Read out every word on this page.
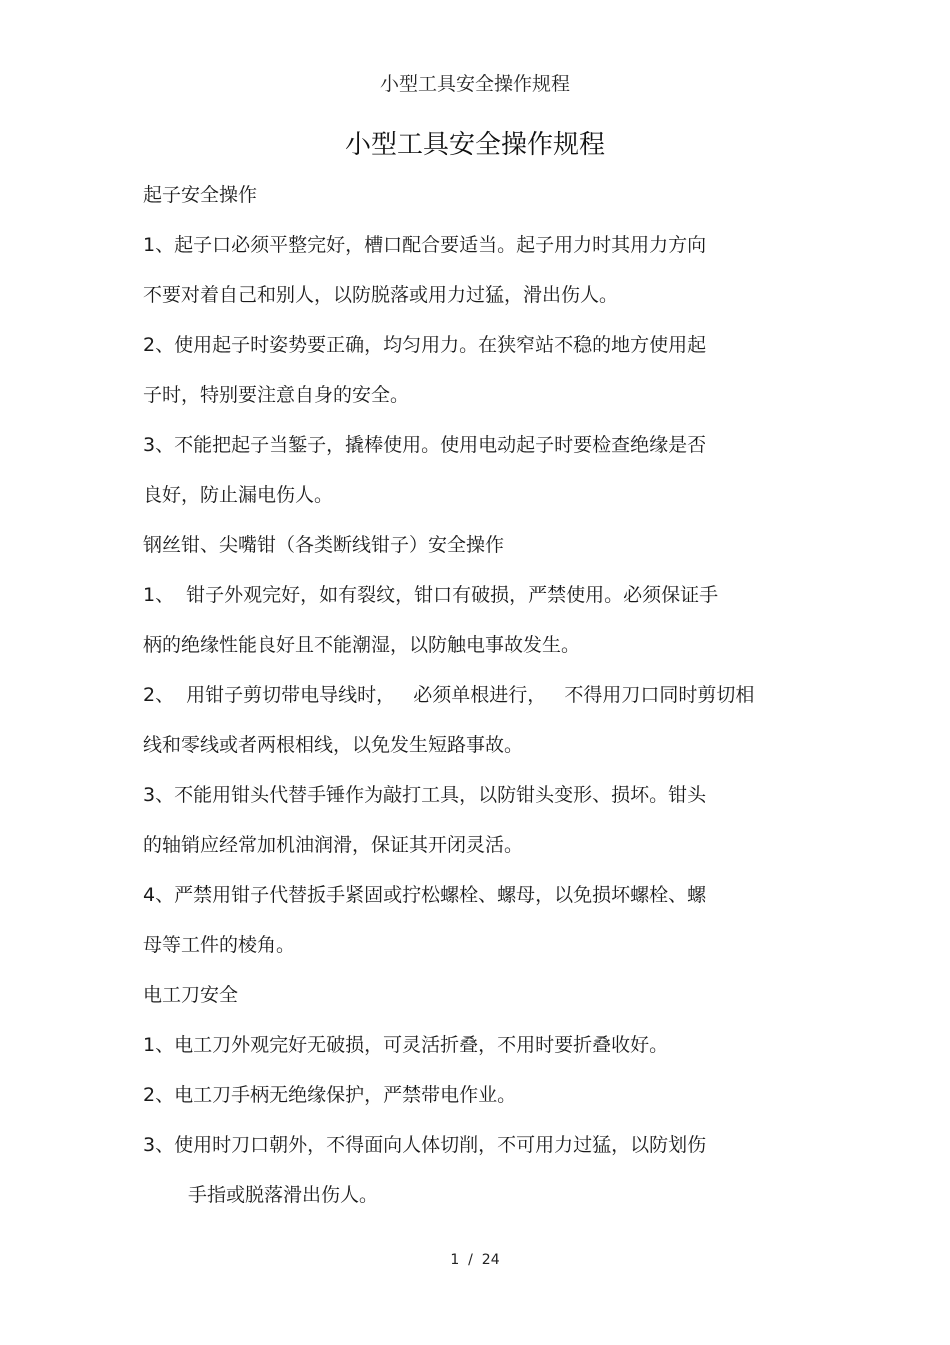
小型工具安全操作规程
小型工具安全操作规程
起子安全操作
1、起子口必须平整完好，槽口配合要适当。起子用力时其用力方向
不要对着自己和别人，以防脱落或用力过猛，滑出伤人。
2、使用起子时姿势要正确，均匀用力。在狭窄站不稳的地方使用起
子时，特别要注意自身的安全。
3、不能把起子当錾子，撬棒使用。使用电动起子时要检查绝缘是否
良好，防止漏电伤人。
钢丝钳、尖嘴钳（各类断线钳子）安全操作
1、  钳子外观完好，如有裂纹，钳口有破损，严禁使用。必须保证手
柄的绝缘性能良好且不能潮湿，以防触电事故发生。
2、  用钳子剪切带电导线时，   必须单根进行，   不得用刀口同时剪切相
线和零线或者两根相线，以免发生短路事故。
3、不能用钳头代替手锤作为敲打工具，以防钳头变形、损坏。钳头
的轴销应经常加机油润滑，保证其开闭灵活。
4、严禁用钳子代替扳手紧固或拧松螺栓、螺母，以免损坏螺栓、螺
母等工件的棱角。
电工刀安全
1、电工刀外观完好无破损，可灵活折叠，不用时要折叠收好。
2、电工刀手柄无绝缘保护，严禁带电作业。
3、使用时刀口朝外，不得面向人体切削，不可用力过猛，以防划伤
手指或脱落滑出伤人。
1  /  24
